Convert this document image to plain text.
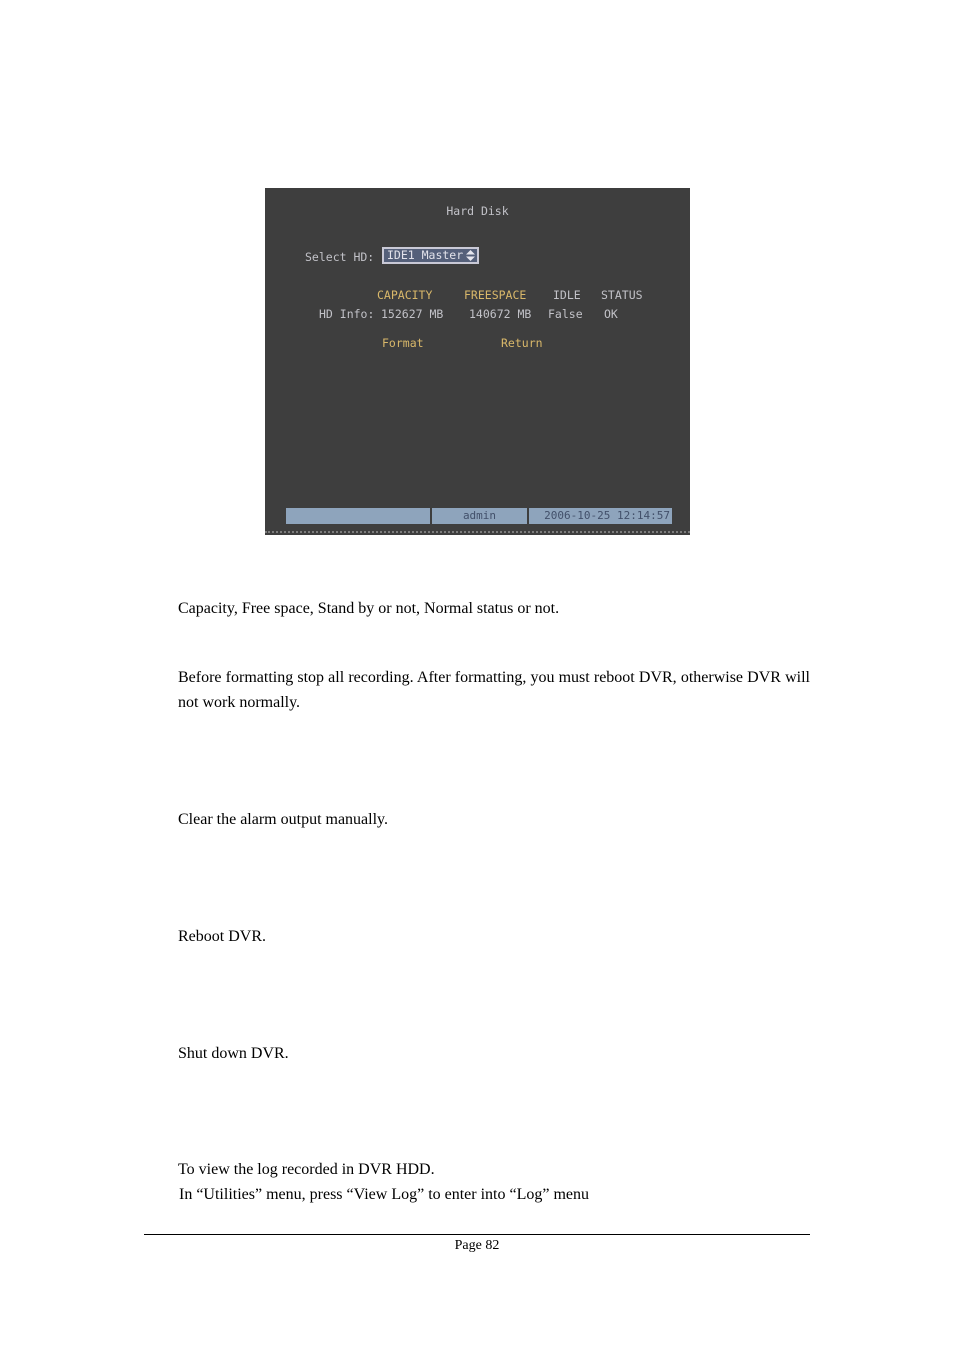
Hard Disk
Select HD: IDE1 Master
CAPACITY	FREESPACE IDLE STATUS
HD Info: 152627 MB 140672 MB False OK
Format	Return
admin	2006-10-25 12:14:57

Capacity, Free space, Stand by or not, Normal status or not.

Before formatting stop all recording. After formatting, you must reboot DVR, otherwise DVR will not work normally.

Clear the alarm output manually.

Reboot DVR.

Shut down DVR.

To view the log recorded in DVR HDD.

In “Utilities” menu, press “View Log” to enter into “Log” menu

Page 82
